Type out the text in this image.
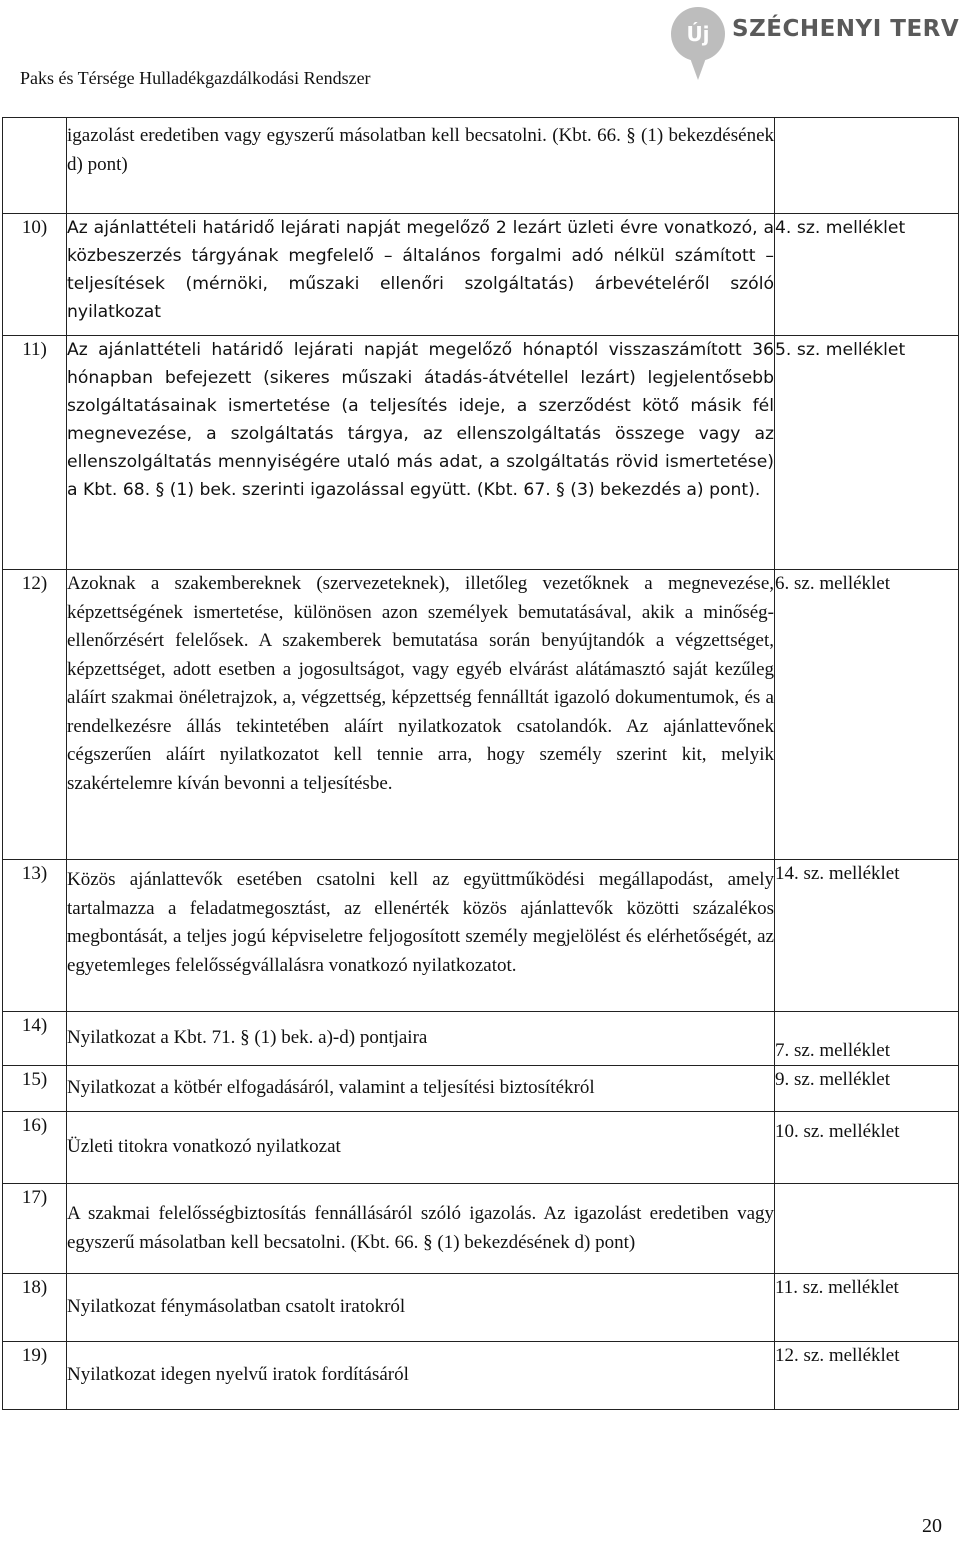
Paks és Térsége Hulladékgazdálkodási Rendszer
Új SZÉCHENYI TERV
	igazolást eredetiben vagy egyszerű másolatban kell becsatolni. (Kbt. 66. § (1) bekezdésének d) pont)	
10)	Az ajánlattételi határidő lejárati napját megelőző 2 lezárt üzleti évre vonatkozó, a közbeszerzés tárgyának megfelelő – általános forgalmi adó nélkül számított – teljesítések (mérnöki, műszaki ellenőri szolgáltatás) árbevételéről szóló nyilatkozat	4. sz. melléklet
11)	Az ajánlattételi határidő lejárati napját megelőző hónaptól visszaszámított 36 hónapban befejezett (sikeres műszaki átadás-átvétellel lezárt) legjelentősebb szolgáltatásainak ismertetése (a teljesítés ideje, a szerződést kötő másik fél megnevezése, a szolgáltatás tárgya, az ellenszolgáltatás összege vagy az ellenszolgáltatás mennyiségére utaló más adat, a szolgáltatás rövid ismertetése) a Kbt. 68. § (1) bek. szerinti igazolással együtt. (Kbt. 67. § (3) bekezdés a) pont).	5. sz. melléklet
12)	Azoknak a szakembereknek (szervezeteknek), illetőleg vezetőknek a megnevezése, képzettségének ismertetése, különösen azon személyek bemutatásával, akik a minőség-ellenőrzésért felelősek. A szakemberek bemutatása során benyújtandók a végzettséget, képzettséget, adott esetben a jogosultságot, vagy egyéb elvárást alátámasztó saját kezűleg aláírt szakmai önéletrajzok, a, végzettség, képzettség fennálltát igazoló dokumentumok, és a rendelkezésre állás tekintetében aláírt nyilatkozatok csatolandók. Az ajánlattevőnek cégszerűen aláírt nyilatkozatot kell tennie arra, hogy személy szerint kit, melyik szakértelemre kíván bevonni a teljesítésbe.	6. sz. melléklet
13)	Közös ajánlattevők esetében csatolni kell az együttműködési megállapodást, amely tartalmazza a feladatmegosztást, az ellenérték közös ajánlattevők közötti százalékos megbontását, a teljes jogú képviseletre feljogosított személy megjelölést és elérhetőségét, az egyetemleges felelősségvállalásra vonatkozó nyilatkozatot.	14. sz. melléklet
14)	Nyilatkozat a Kbt. 71. § (1) bek. a)-d) pontjaira	7. sz. melléklet
15)	Nyilatkozat a kötbér elfogadásáról, valamint a teljesítési biztosítékról	9. sz. melléklet
16)	Üzleti titokra vonatkozó nyilatkozat	10. sz. melléklet
17)	A szakmai felelősségbiztosítás fennállásáról szóló igazolás. Az igazolást eredetiben vagy egyszerű másolatban kell becsatolni. (Kbt. 66. § (1) bekezdésének d) pont)	
18)	Nyilatkozat fénymásolatban csatolt iratokról	11. sz. melléklet
19)	Nyilatkozat idegen nyelvű iratok fordításáról	12. sz. melléklet
20
